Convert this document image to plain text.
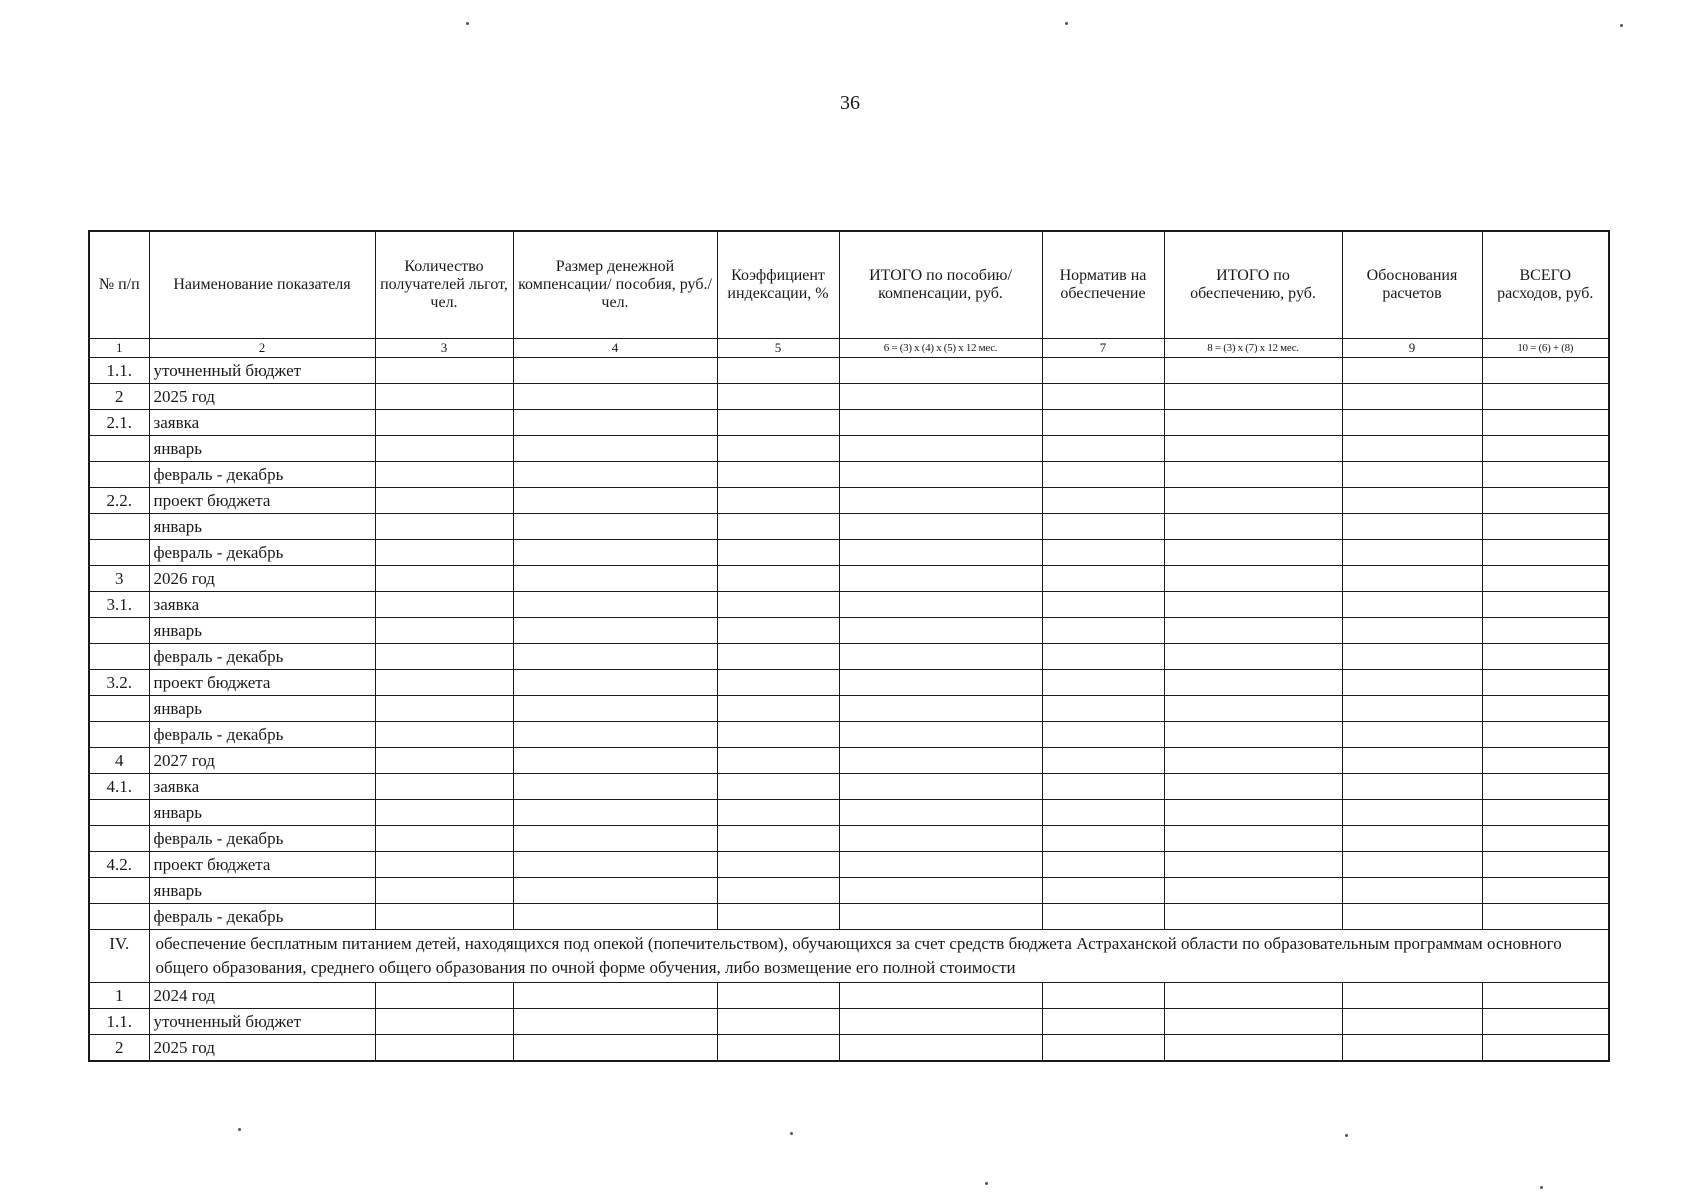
36
№ п/п	Наименование показателя	Количество получателей льгот, чел.	Размер денежной компенсации/ пособия, руб./чел.	Коэффициент индексации, %	ИТОГО по пособию/ компенсации, руб.	Норматив на обеспечение	ИТОГО по обеспечению, руб.	Обоснования расчетов	ВСЕГО расходов, руб.
1	2	3	4	5	6 = (3) х (4) х (5) х 12 мес.	7	8 = (3) х (7) х 12 мес.	9	10 = (6) + (8)
1.1.	уточненный бюджет								
2	2025 год								
2.1.	заявка								
	январь								
	февраль - декабрь								
2.2.	проект бюджета								
	январь								
	февраль - декабрь								
3	2026 год								
3.1.	заявка								
	январь								
	февраль - декабрь								
3.2.	проект бюджета								
	январь								
	февраль - декабрь								
4	2027 год								
4.1.	заявка								
	январь								
	февраль - декабрь								
4.2.	проект бюджета								
	январь								
	февраль - декабрь								
IV.	обеспечение бесплатным питанием детей, находящихся под опекой (попечительством), обучающихся за счет средств бюджета Астраханской области по образовательным программам основного общего образования, среднего общего образования по очной форме обучения, либо возмещение его полной стоимости								
1	2024 год								
1.1.	уточненный бюджет								
2	2025 год								
